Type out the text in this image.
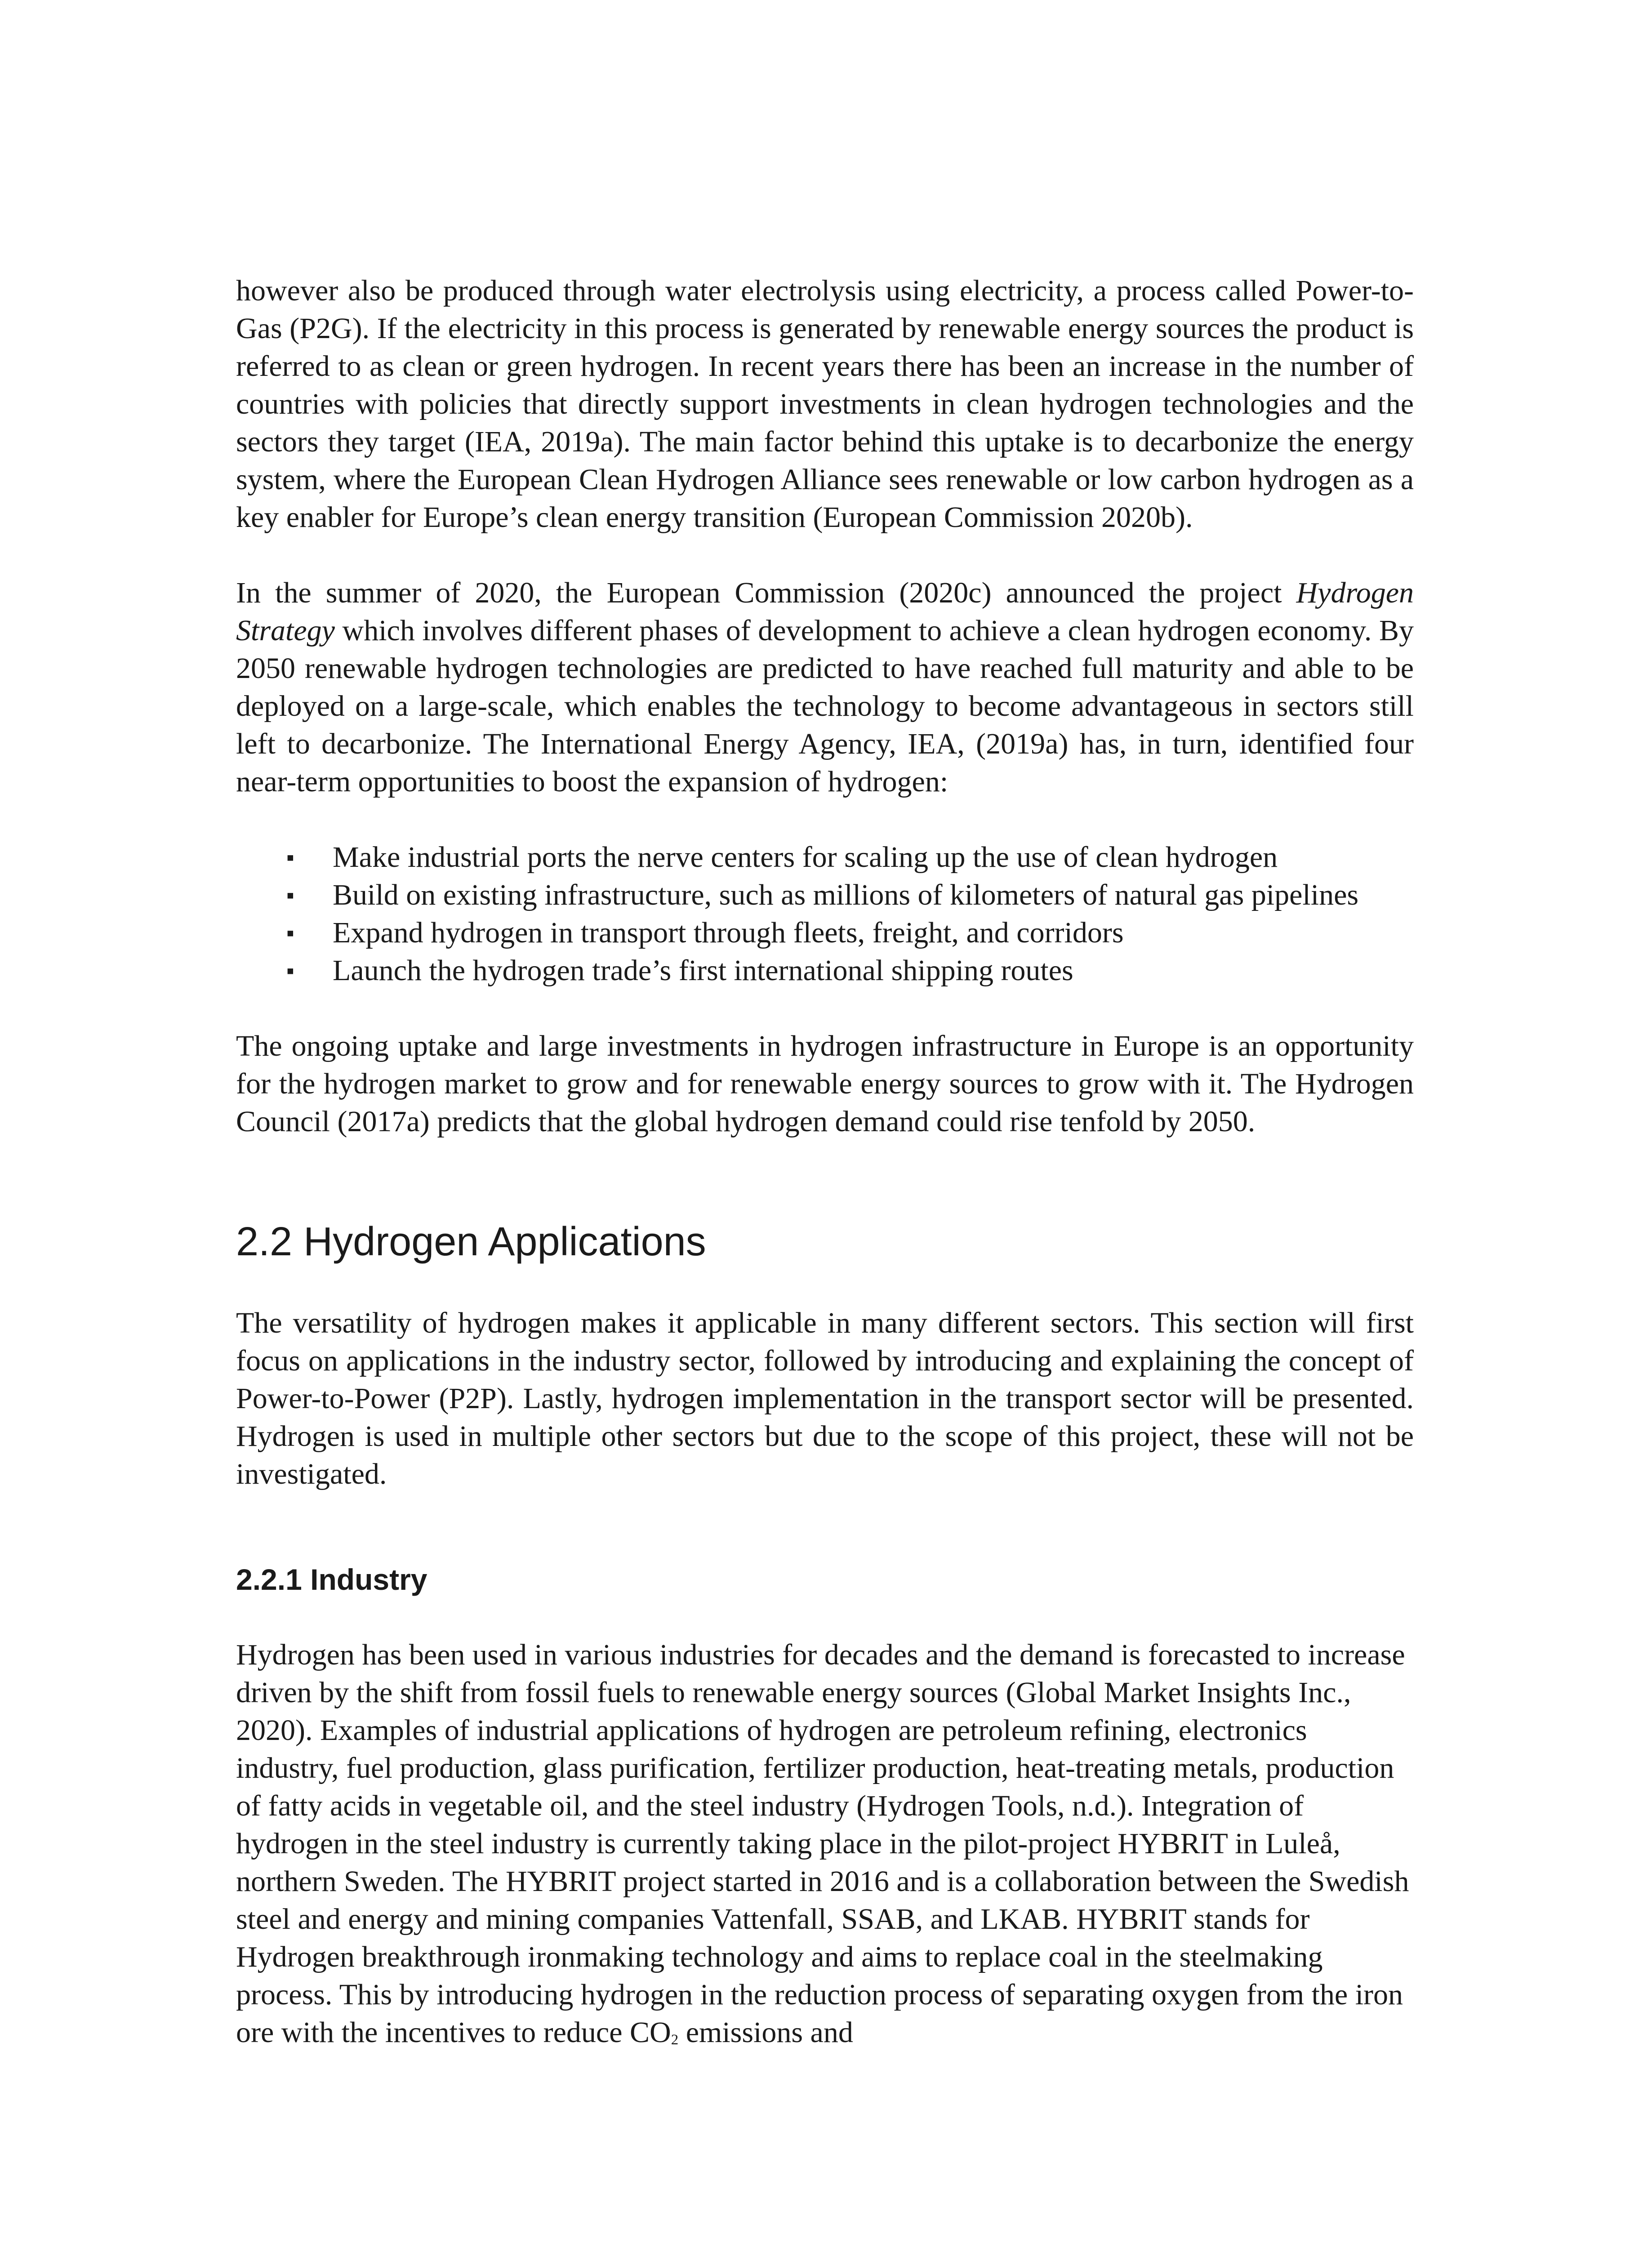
however also be produced through water electrolysis using electricity, a process called Power-to-Gas (P2G). If the electricity in this process is generated by renewable energy sources the product is referred to as clean or green hydrogen. In recent years there has been an increase in the number of countries with policies that directly support investments in clean hydrogen technologies and the sectors they target (IEA, 2019a). The main factor behind this uptake is to decarbonize the energy system, where the European Clean Hydrogen Alliance sees renewable or low carbon hydrogen as a key enabler for Europe’s clean energy transition (European Commission 2020b).

In the summer of 2020, the European Commission (2020c) announced the project Hydrogen Strategy which involves different phases of development to achieve a clean hydrogen economy. By 2050 renewable hydrogen technologies are predicted to have reached full maturity and able to be deployed on a large-scale, which enables the technology to become advantageous in sectors still left to decarbonize. The International Energy Agency, IEA, (2019a) has, in turn, identified four near-term opportunities to boost the expansion of hydrogen:

▪ Make industrial ports the nerve centers for scaling up the use of clean hydrogen
▪ Build on existing infrastructure, such as millions of kilometers of natural gas pipelines
▪ Expand hydrogen in transport through fleets, freight, and corridors
▪ Launch the hydrogen trade’s first international shipping routes

The ongoing uptake and large investments in hydrogen infrastructure in Europe is an opportunity for the hydrogen market to grow and for renewable energy sources to grow with it. The Hydrogen Council (2017a) predicts that the global hydrogen demand could rise tenfold by 2050.

2.2 Hydrogen Applications

The versatility of hydrogen makes it applicable in many different sectors. This section will first focus on applications in the industry sector, followed by introducing and explaining the concept of Power-to-Power (P2P). Lastly, hydrogen implementation in the transport sector will be presented. Hydrogen is used in multiple other sectors but due to the scope of this project, these will not be investigated.

2.2.1 Industry

Hydrogen has been used in various industries for decades and the demand is forecasted to increase driven by the shift from fossil fuels to renewable energy sources (Global Market Insights Inc., 2020). Examples of industrial applications of hydrogen are petroleum refining, electronics industry, fuel production, glass purification, fertilizer production, heat-treating metals, production of fatty acids in vegetable oil, and the steel industry (Hydrogen Tools, n.d.). Integration of hydrogen in the steel industry is currently taking place in the pilot-project HYBRIT in Luleå, northern Sweden. The HYBRIT project started in 2016 and is a collaboration between the Swedish steel and energy and mining companies Vattenfall, SSAB, and LKAB. HYBRIT stands for Hydrogen breakthrough ironmaking technology and aims to replace coal in the steelmaking process. This by introducing hydrogen in the reduction process of separating oxygen from the iron ore with the incentives to reduce $CO_2$ emissions and
